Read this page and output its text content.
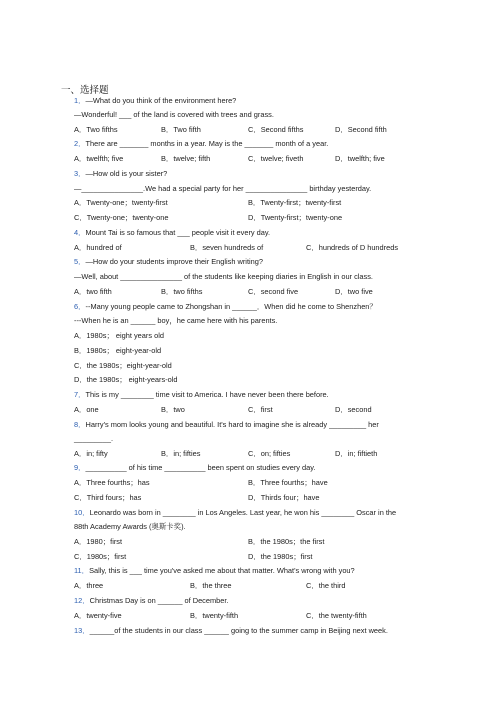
一、选择题
1．—What do you think of the environment here?
—Wonderful! ___ of the land is covered with trees and grass.
A．Two fifths	B．Two fifth	C．Second fifths	D．Second fifth
2．There are _______ months in a year. May is the _______ month of a year.
A．twelfth; five	B．twelve; fifth	C．twelve; fiveth	D．twelfth; five
3．—How old is your sister?
—_______________.We had a special party for her _______________ birthday yesterday.
A．Twenty-one；twenty-first	B．Twenty-first；twenty-first
C．Twenty-one；twenty-one	D．Twenty-first；twenty-one
4．Mount Tai is so famous that ___ people visit it every day.
A．hundred of	B．seven hundreds of	C．hundreds of D hundreds
5．—How do your students improve their English writing?
—Well, about _______________ of the students like keeping diaries in English in our class.
A．two fifth	B．two fifths	C．second five	D．two five
6．--Many young people came to Zhongshan in ______．When did he come to Shenzhen？
---When he is an ______ boy，he came here with his parents.
A．1980s； eight years old
B．1980s； eight-year-old
C．the 1980s；eight-year-old
D．the 1980s； eight-years-old
7．This is my ________ time visit to America. I have never been there before.
A．one	B．two	C．first	D．second
8．Harry's mom looks young and beautiful. It's hard to imagine she is already _________ her
_________.
A．in; fifty	B．in; fifties	C．on; fifties	D．in; fiftieth
9．__________ of his time __________ been spent on studies every day.
A．Three fourths；has	B．Three fourths；have
C．Third fours；has	D．Thirds four；have
10．Leonardo was born in ________ in Los Angeles. Last year, he won his ________ Oscar in the
88th Academy Awards (奥斯卡奖).
A．1980；first	B．the 1980s；the first
C．1980s；first	D．the 1980s；first
11．Sally, this is ___ time you've asked me about that matter. What's wrong with you?
A．three	B．the three	C．the third
12．Christmas Day is on ______ of December.
A．twenty-five	B．twenty-fifth	C．the twenty-fifth
13．______of the students in our class ______ going to the summer camp in Beijing next week.
